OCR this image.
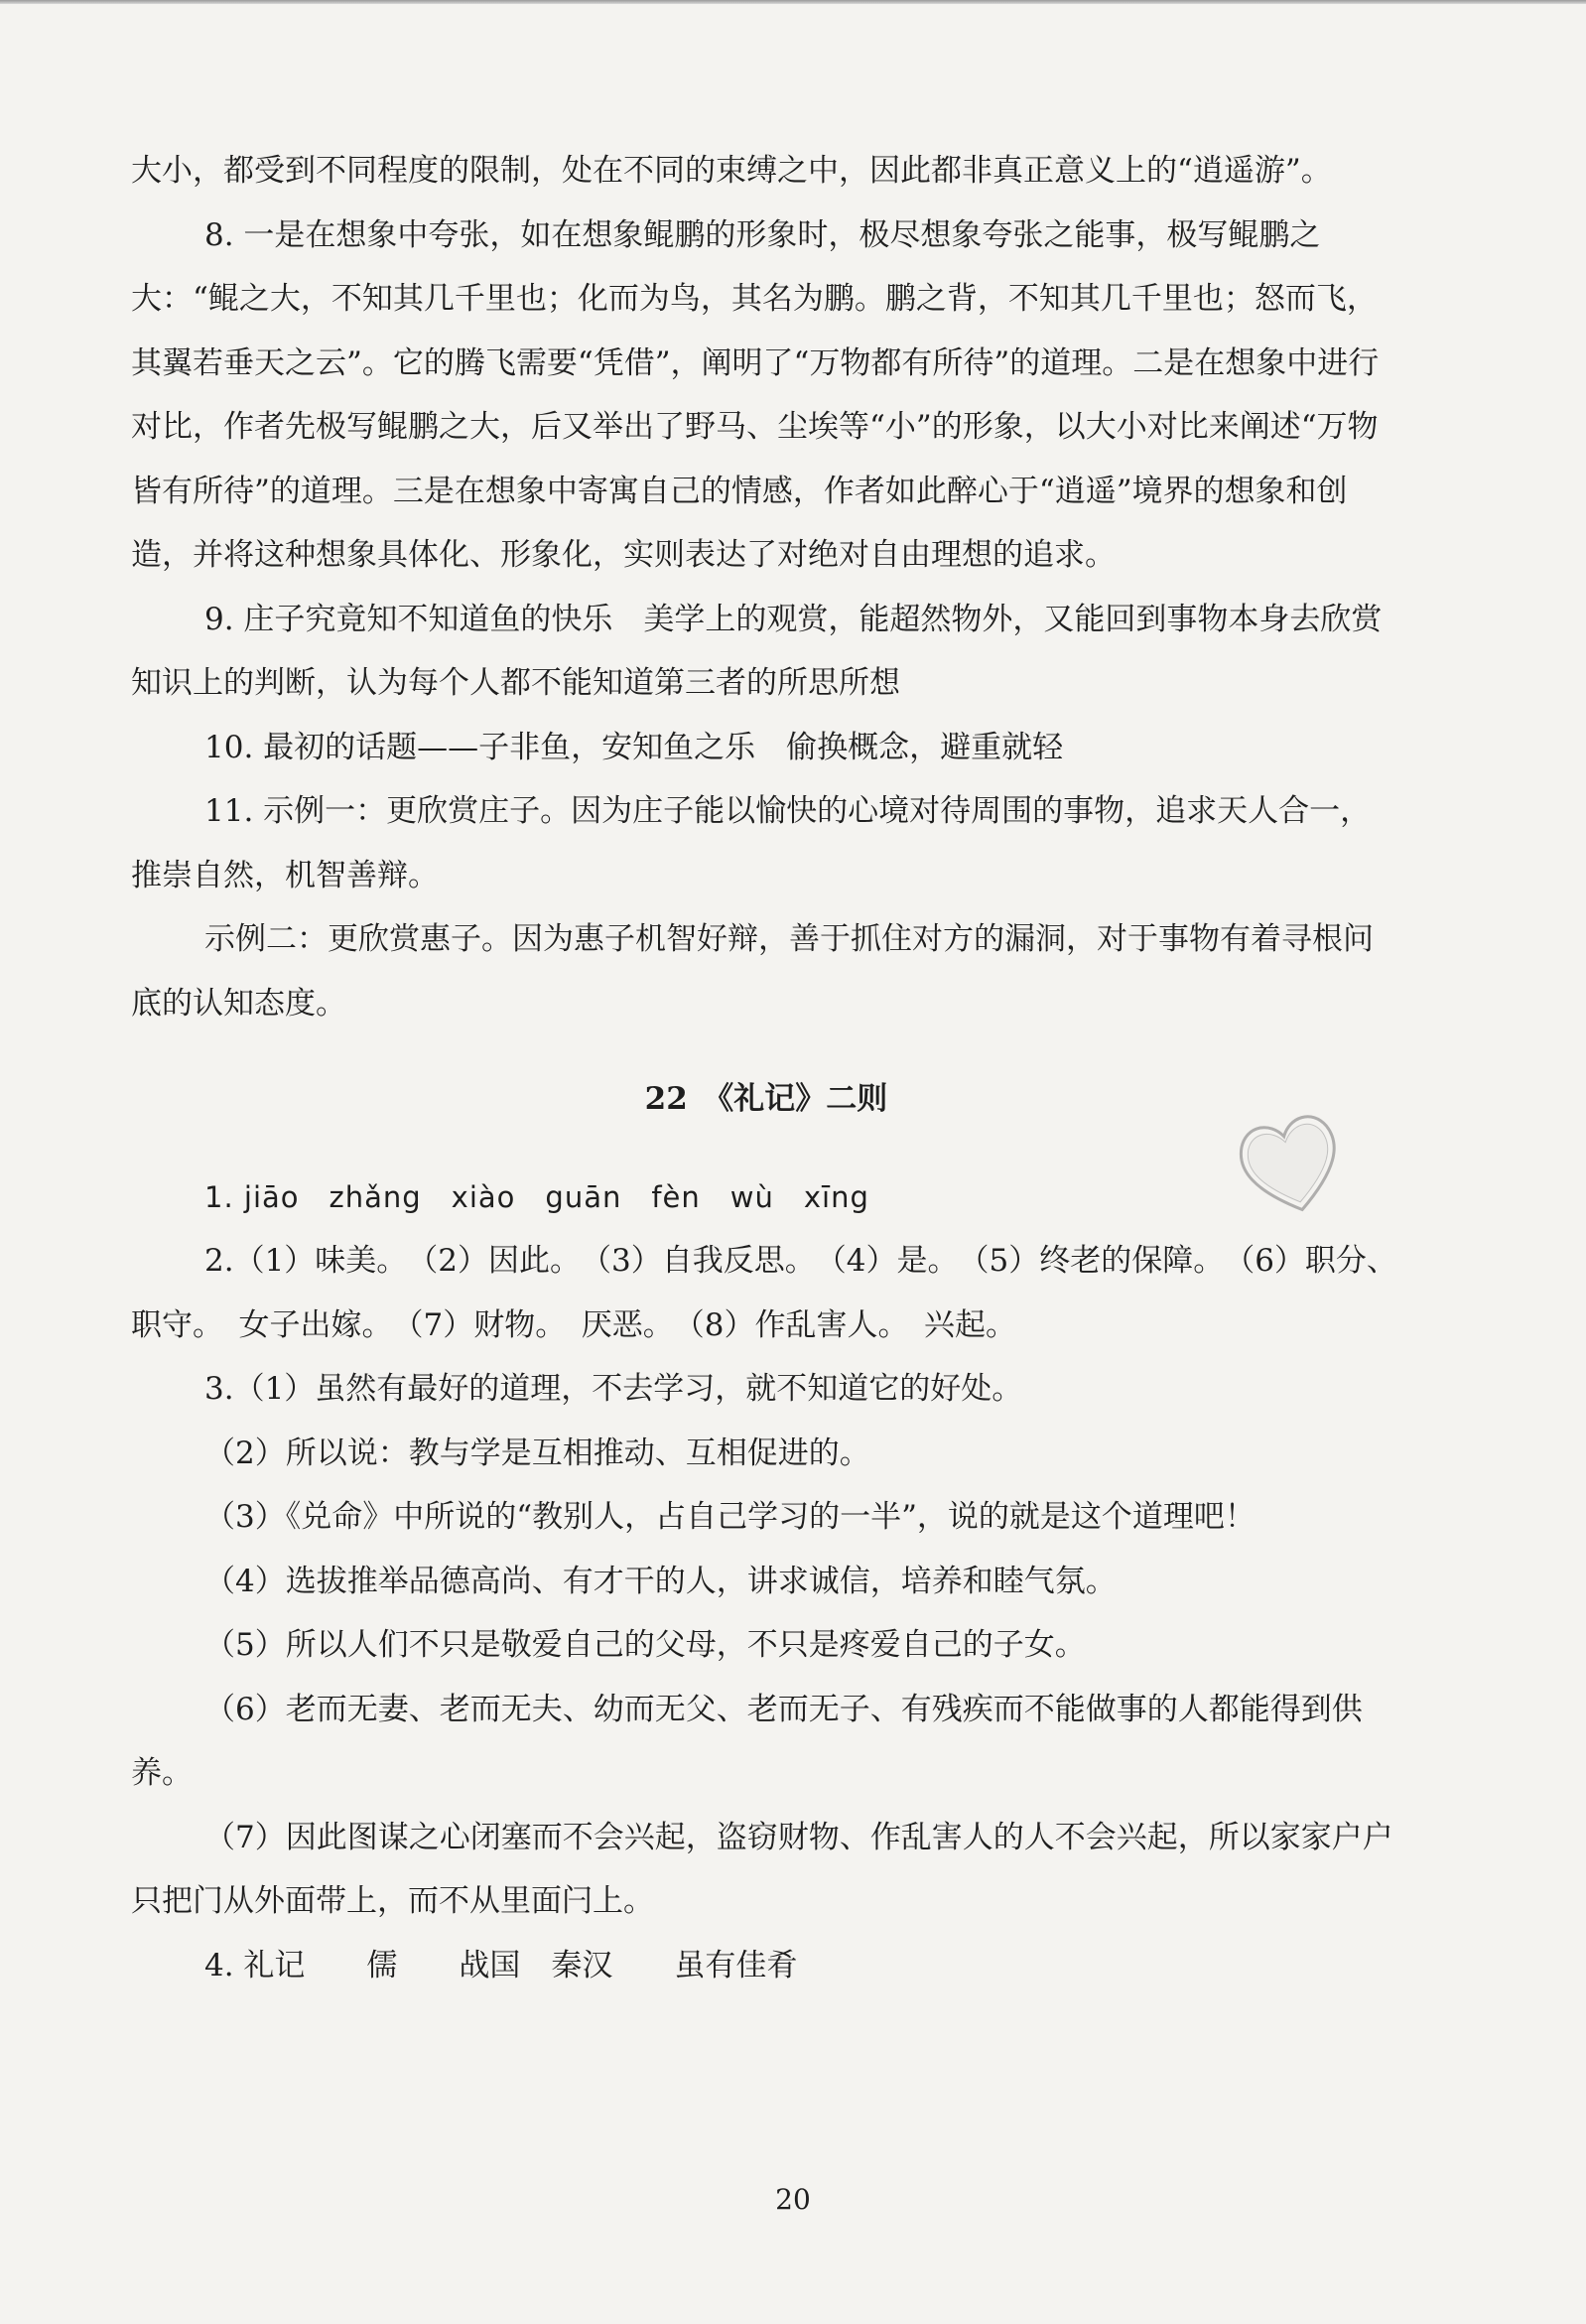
大小，都受到不同程度的限制，处在不同的束缚之中，因此都非真正意义上的“逍遥游”。

8. 一是在想象中夸张，如在想象鲲鹏的形象时，极尽想象夸张之能事，极写鲲鹏之大：“鲲之大，不知其几千里也；化而为鸟，其名为鹏。鹏之背，不知其几千里也；怒而飞，其翼若垂天之云”。它的腾飞需要“凭借”，阐明了“万物都有所待”的道理。二是在想象中进行对比，作者先极写鲲鹏之大，后又举出了野马、尘埃等“小”的形象，以大小对比来阐述“万物皆有所待”的道理。三是在想象中寄寓自己的情感，作者如此醉心于“逍遥”境界的想象和创造，并将这种想象具体化、形象化，实则表达了对绝对自由理想的追求。

9. 庄子究竟知不知道鱼的快乐　美学上的观赏，能超然物外，又能回到事物本身去欣赏　知识上的判断，认为每个人都不能知道第三者的所思所想

10. 最初的话题——子非鱼，安知鱼之乐　偷换概念，避重就轻

11. 示例一：更欣赏庄子。因为庄子能以愉快的心境对待周围的事物，追求天人合一，推崇自然，机智善辩。

示例二：更欣赏惠子。因为惠子机智好辩，善于抓住对方的漏洞，对于事物有着寻根问底的认知态度。

22　《礼记》二则

1. jiāo　zhǎng　xiào　guān　fèn　wù　xīng

2.（1）味美。　（2）因此。　（3）自我反思。　（4）是。　（5）终老的保障。　（6）职分、职守。　女子出嫁。　（7）财物。　厌恶。　（8）作乱害人。　兴起。

3.（1）虽然有最好的道理，不去学习，就不知道它的好处。

（2）所以说：教与学是互相推动、互相促进的。

（3）《兑命》中所说的“教别人，占自己学习的一半”，说的就是这个道理吧！

（4）选拔推举品德高尚、有才干的人，讲求诚信，培养和睦气氛。

（5）所以人们不只是敬爱自己的父母，不只是疼爱自己的子女。

（6）老而无妻、老而无夫、幼而无父、老而无子、有残疾而不能做事的人都能得到供养。

（7）因此图谋之心闭塞而不会兴起，盗窃财物、作乱害人的人不会兴起，所以家家户户只把门从外面带上，而不从里面闩上。

4. 礼记　　儒　　战国　秦汉　　虽有佳肴

20
